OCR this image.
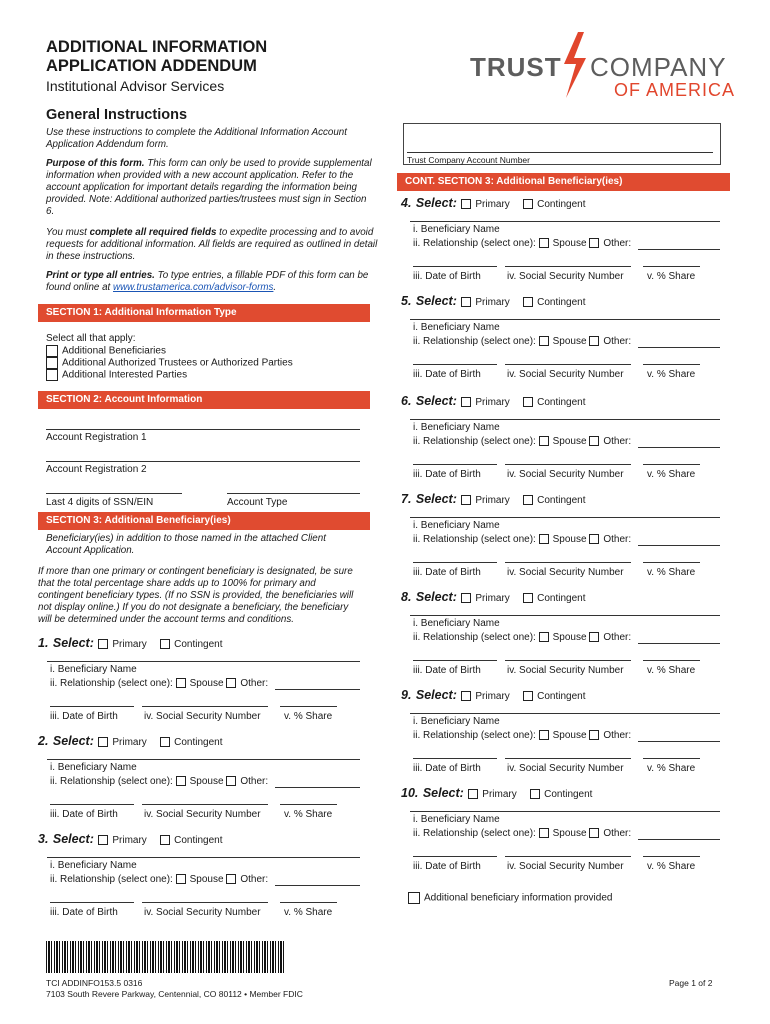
ADDITIONAL INFORMATION
APPLICATION ADDENDUM
Institutional Advisor Services
TRUST COMPANY
OF AMERICA
General Instructions
Use these instructions to complete the Additional Information Account Application Addendum form.
Purpose of this form. This form can only be used to provide supplemental information when provided with a new account application. Refer to the account application for important details regarding the information being provided. Note: Additional authorized parties/trustees must sign in Section 6.
You must complete all required fields to expedite processing and to avoid requests for additional information. All fields are required as outlined in detail in these instructions.
Print or type all entries. To type entries, a fillable PDF of this form can be found online at www.trustamerica.com/advisor-forms.
SECTION 1: Additional Information Type
Select all that apply:
Additional Beneficiaries
Additional Authorized Trustees or Authorized Parties
Additional Interested Parties
SECTION 2: Account Information
Account Registration 1
Account Registration 2
Last 4 digits of SSN/EIN	Account Type
SECTION 3: Additional Beneficiary(ies)
Beneficiary(ies) in addition to those named in the attached Client Account Application.
If more than one primary or contingent beneficiary is designated, be sure that the total percentage share adds up to 100% for primary and contingent beneficiary types. (If no SSN is provided, the beneficiaries will not display online.) If you do not designate a beneficiary, the beneficiary will be determined under the account terms and conditions.
1. Select: Primary	Contingent
i. Beneficiary Name
ii. Relationship (select one): Spouse Other:
iii. Date of Birth	iv. Social Security Number v. % Share
2. Select: Primary	Contingent
i. Beneficiary Name
ii. Relationship (select one): Spouse Other:
iii. Date of Birth	iv. Social Security Number v. % Share
3. Select: Primary	Contingent
i. Beneficiary Name
ii. Relationship (select one): Spouse Other:
iii. Date of Birth	iv. Social Security Number v. % Share
Trust Company Account Number
CONT. SECTION 3: Additional Beneficiary(ies)
4. Select: Primary	Contingent
i. Beneficiary Name
ii. Relationship (select one): Spouse Other:
iii. Date of Birth	iv. Social Security Number v. % Share
5. Select: Primary	Contingent
i. Beneficiary Name
ii. Relationship (select one): Spouse Other:
iii. Date of Birth	iv. Social Security Number v. % Share
6. Select: Primary	Contingent
i. Beneficiary Name
ii. Relationship (select one): Spouse Other:
iii. Date of Birth	iv. Social Security Number v. % Share
7. Select: Primary	Contingent
i. Beneficiary Name
ii. Relationship (select one): Spouse Other:
iii. Date of Birth	iv. Social Security Number v. % Share
8. Select: Primary	Contingent
i. Beneficiary Name
ii. Relationship (select one): Spouse Other:
iii. Date of Birth	iv. Social Security Number v. % Share
9. Select: Primary	Contingent
i. Beneficiary Name
ii. Relationship (select one): Spouse Other:
iii. Date of Birth	iv. Social Security Number v. % Share
10. Select: Primary	Contingent
i. Beneficiary Name
ii. Relationship (select one): Spouse Other:
iii. Date of Birth	iv. Social Security Number v. % Share
Additional beneficiary information provided
TCI ADDINFO153.5 0316
7103 South Revere Parkway, Centennial, CO 80112 • Member FDIC
Page 1 of 2
